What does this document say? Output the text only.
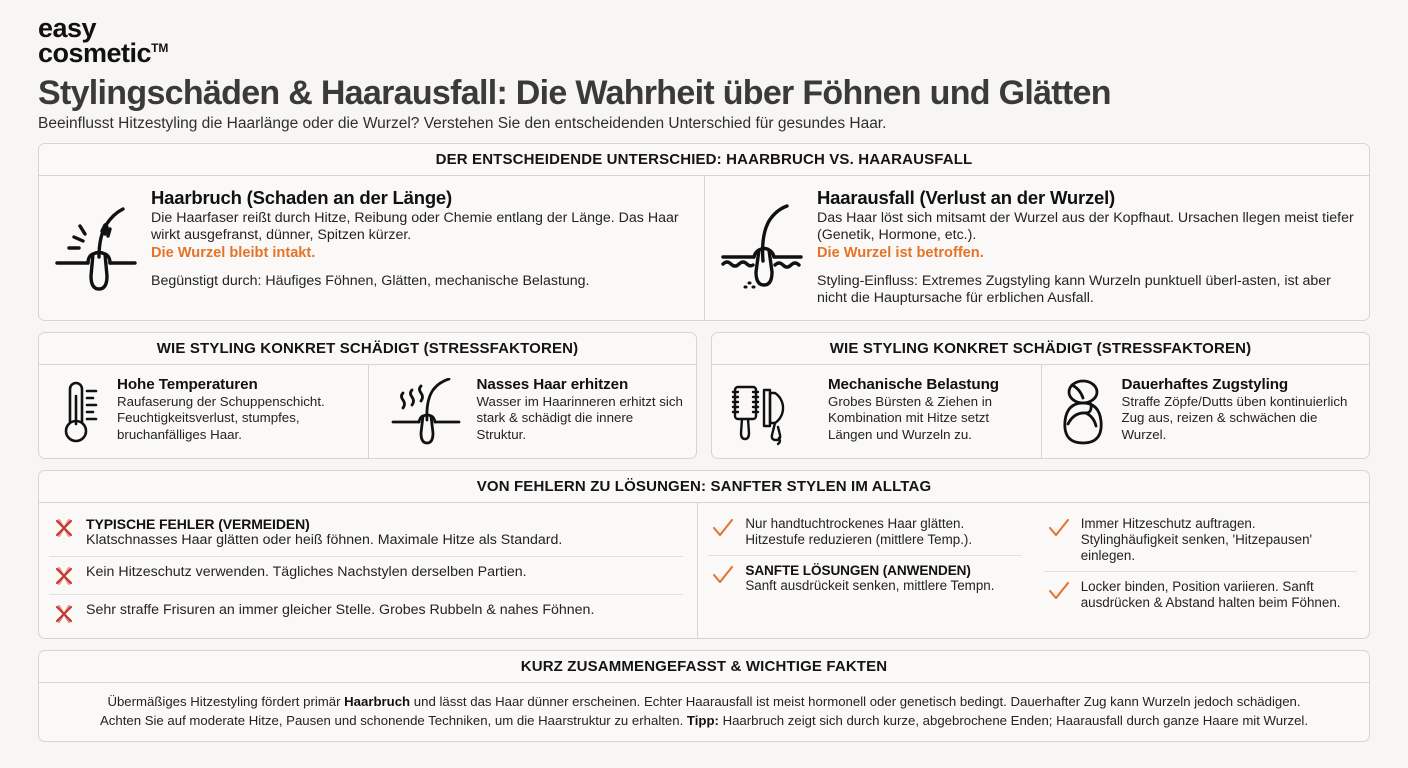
easy
cosmetic™
Stylingschäden & Haarausfall: Die Wahrheit über Föhnen und Glätten
Beeinflusst Hitzestyling die Haarlänge oder die Wurzel? Verstehen Sie den entscheidenden Unterschied für gesundes Haar.
DER ENTSCHEIDENDE UNTERSCHIED: HAARBRUCH VS. HAARAUSFALL
Haarbruch (Schaden an der Länge)
Die Haarfaser reißt durch Hitze, Reibung oder Chemie entlang der Länge. Das Haar wirkt ausgefranst, dünner, Spitzen kürzer.
Die Wurzel bleibt intakt.
Begünstigt durch: Häufiges Föhnen, Glätten, mechanische Belastung.
Haarausfall (Verlust an der Wurzel)
Das Haar löst sich mitsamt der Wurzel aus der Kopfhaut. Ursachen llegen meist tiefer (Genetik, Hormone, etc.).
Die Wurzel ist betroffen.
Styling-Einfluss: Extremes Zugstyling kann Wurzeln punktuell überl-asten, ist aber nicht die Hauptursache für erblichen Ausfall.
WIE STYLING KONKRET SCHÄDIGT (STRESSFAKTOREN)
Hohe Temperaturen
Raufaserung der Schuppenschicht. Feuchtigkeitsverlust, stumpfes, bruchanfälliges Haar.
Nasses Haar erhitzen
Wasser im Haarinneren erhitzt sich stark & schädigt die innere Struktur.
WIE STYLING KONKRET SCHÄDIGT (STRESSFAKTOREN)
Mechanische Belastung
Grobes Bürsten & Ziehen in Kombination mit Hitze setzt Längen und Wurzeln zu.
Dauerhaftes Zugstyling
Straffe Zöpfe/Dutts üben kontinuierlich Zug aus, reizen & schwächen die Wurzel.
VON FEHLERN ZU LÖSUNGEN: SANFTER STYLEN IM ALLTAG
TYPISCHE FEHLER (VERMEIDEN)
Klatschnasses Haar glätten oder heiß föhnen. Maximale Hitze als Standard.
Kein Hitzeschutz verwenden. Tägliches Nachstylen derselben Partien.
Sehr straffe Frisuren an immer gleicher Stelle. Grobes Rubbeln & nahes Föhnen.
Nur handtuchtrockenes Haar glätten. Hitzestufe reduzieren (mittlere Temp.).
SANFTE LÖSUNGEN (ANWENDEN)
Sanft ausdrückeit senken, mittlere Tempn.
Immer Hitzeschutz auftragen. Stylinghäufigkeit senken, 'Hitzepausen' einlegen.
Locker binden, Position variieren. Sanft ausdrücken & Abstand halten beim Föhnen.
KURZ ZUSAMMENGEFASST & WICHTIGE FAKTEN
Übermäßiges Hitzestyling fördert primär Haarbruch und lässt das Haar dünner erscheinen. Echter Haarausfall ist meist hormonell oder genetisch bedingt. Dauerhafter Zug kann Wurzeln jedoch schädigen.
Achten Sie auf moderate Hitze, Pausen und schonende Techniken, um die Haarstruktur zu erhalten. Tipp: Haarbruch zeigt sich durch kurze, abgebrochene Enden; Haarausfall durch ganze Haare mit Wurzel.
